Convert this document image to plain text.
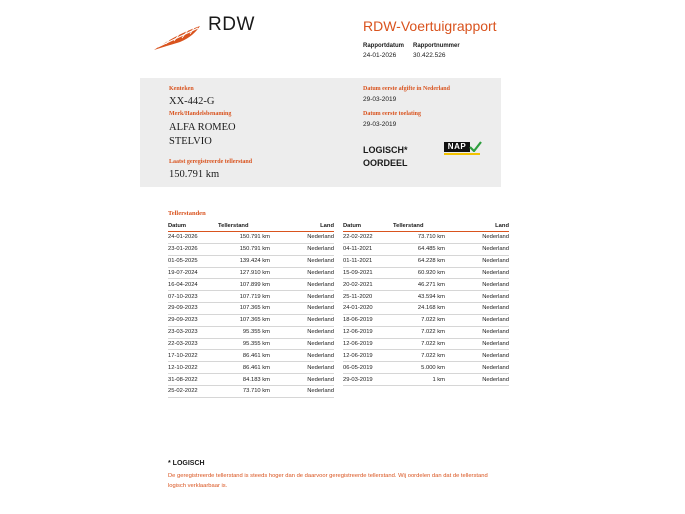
RDW	RDW-Voertuigrapport
Rapportdatum
24-01-2026
Rapportnummer
30.422.526
Kenteken
XX-442-G
Merk/Handelsbenaming
ALFA ROMEO
STELVIO
Laatst geregistreerde tellerstand
150.791 km
Datum eerste afgifte in Nederland
29-03-2019
Datum eerste toelating
29-03-2019
LOGISCH*
OORDEEL
NAP
Tellerstanden
Datum	Tellerstand	Land
24-01-2026	150.791 km	Nederland
23-01-2026	150.791 km	Nederland
01-05-2025	139.424 km	Nederland
19-07-2024	127.910 km	Nederland
16-04-2024	107.899 km	Nederland
07-10-2023	107.719 km	Nederland
29-09-2023	107.365 km	Nederland
29-09-2023	107.365 km	Nederland
23-03-2023	95.355 km	Nederland
22-03-2023	95.355 km	Nederland
17-10-2022	86.461 km	Nederland
12-10-2022	86.461 km	Nederland
31-08-2022	84.183 km	Nederland
25-02-2022	73.710 km	Nederland
Datum	Tellerstand	Land
22-02-2022	73.710 km	Nederland
04-11-2021	64.485 km	Nederland
01-11-2021	64.228 km	Nederland
15-09-2021	60.920 km	Nederland
20-02-2021	46.271 km	Nederland
25-11-2020	43.594 km	Nederland
24-01-2020	24.168 km	Nederland
18-06-2019	7.022 km	Nederland
12-06-2019	7.022 km	Nederland
12-06-2019	7.022 km	Nederland
12-06-2019	7.022 km	Nederland
06-05-2019	5.000 km	Nederland
29-03-2019	1 km	Nederland
* LOGISCH
De geregistreerde tellerstand is steeds hoger dan de daarvoor geregistreerde tellerstand. Wij oordelen dan dat de tellerstand logisch verklaarbaar is.
